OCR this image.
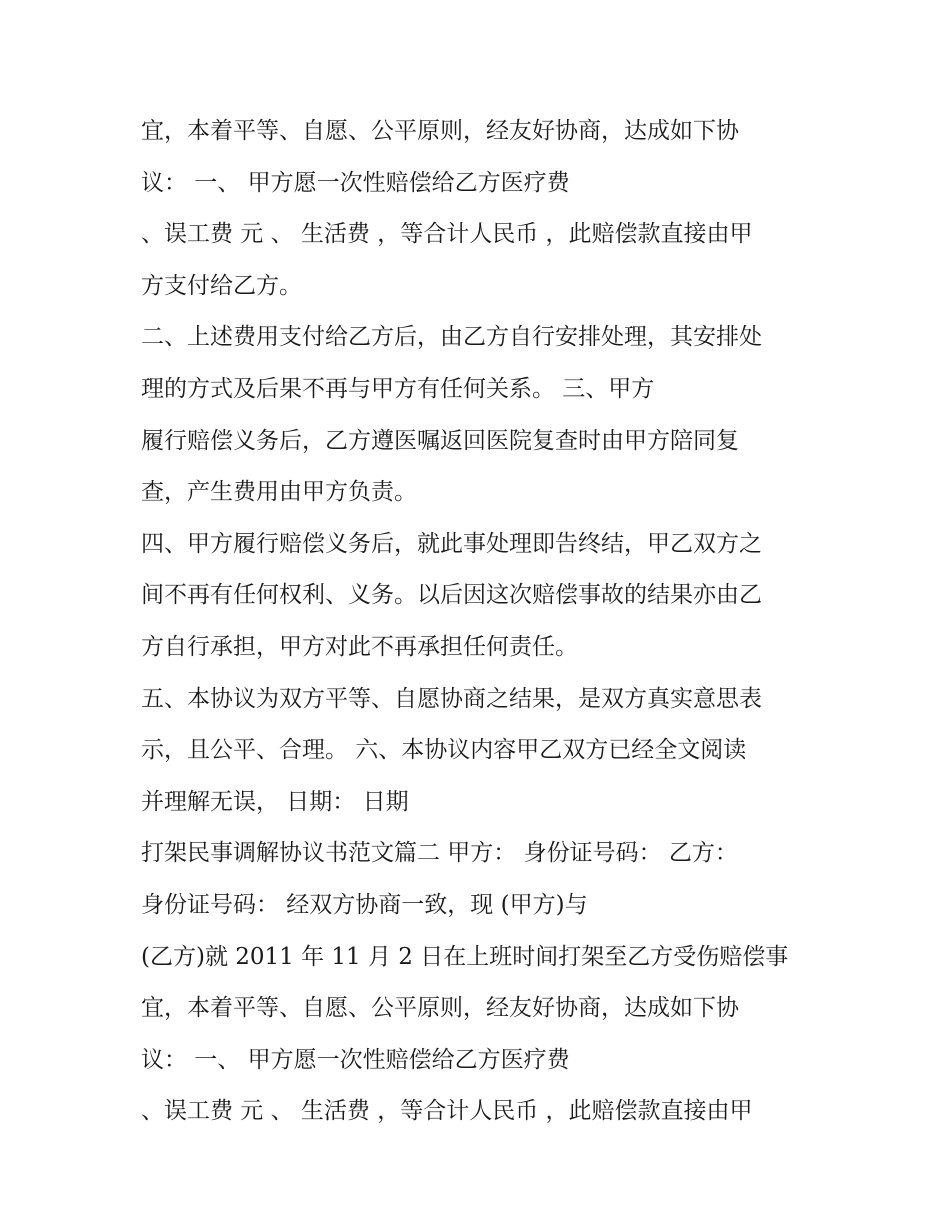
宜，本着平等、自愿、公平原则，经友好协商，达成如下协
议： 一、 甲方愿一次性赔偿给乙方医疗费
、误工费 元 、 生活费 ，等合计人民币 ，此赔偿款直接由甲
方支付给乙方。
二、上述费用支付给乙方后，由乙方自行安排处理，其安排处
理的方式及后果不再与甲方有任何关系。 三、甲方
履行赔偿义务后，乙方遵医嘱返回医院复查时由甲方陪同复
查，产生费用由甲方负责。
四、甲方履行赔偿义务后，就此事处理即告终结，甲乙双方之
间不再有任何权利、义务。以后因这次赔偿事故的结果亦由乙
方自行承担，甲方对此不再承担任何责任。
五、本协议为双方平等、自愿协商之结果，是双方真实意思表
示，且公平、合理。 六、本协议内容甲乙双方已经全文阅读
并理解无误， 日期： 日期
打架民事调解协议书范文篇二 甲方： 身份证号码： 乙方：
身份证号码： 经双方协商一致，现 (甲方)与
(乙方)就 2011 年 11 月 2 日在上班时间打架至乙方受伤赔偿事
宜，本着平等、自愿、公平原则，经友好协商，达成如下协
议： 一、 甲方愿一次性赔偿给乙方医疗费
、误工费 元 、 生活费 ，等合计人民币 ，此赔偿款直接由甲
